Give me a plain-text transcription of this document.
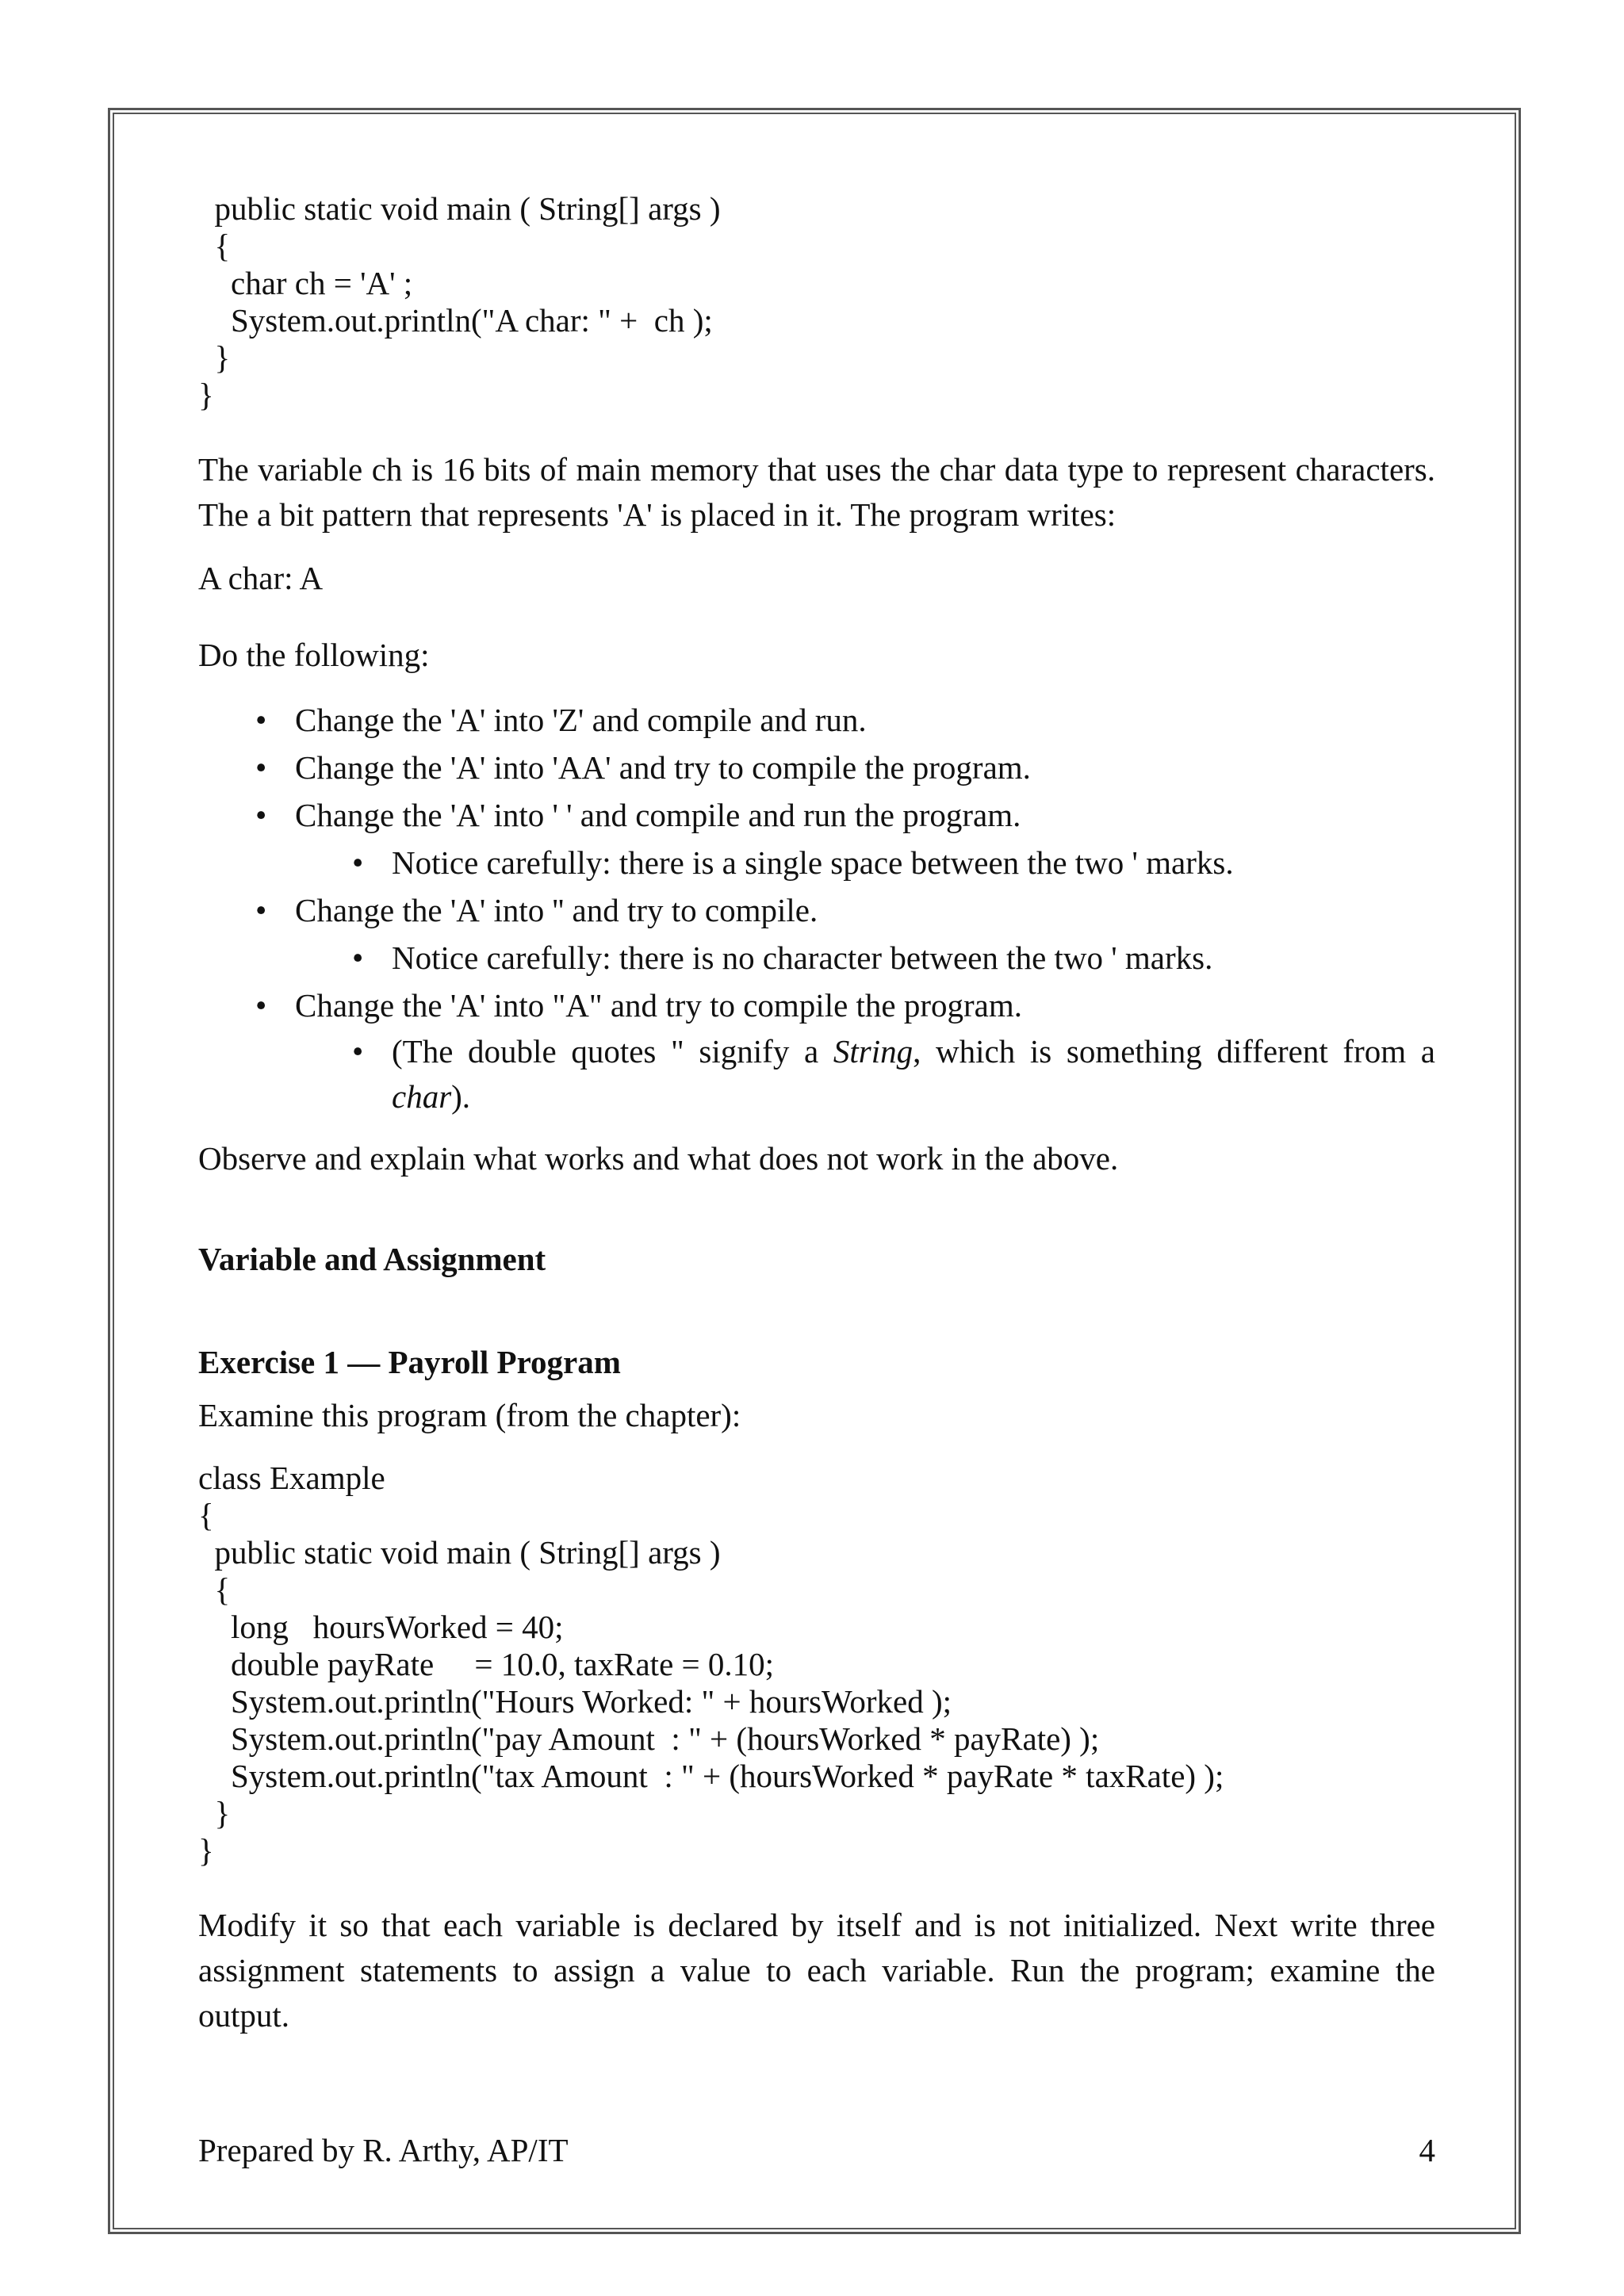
public static void main ( String[] args )
{
char ch = 'A' ;
System.out.println("A char: " +  ch );
}
}

The variable ch is 16 bits of main memory that uses the char data type to represent characters. The a bit pattern that represents 'A' is placed in it. The program writes:

A char: A

Do the following:

• Change the 'A' into 'Z' and compile and run.
• Change the 'A' into 'AA' and try to compile the program.
• Change the 'A' into ' ' and compile and run the program.
• Notice carefully: there is a single space between the two ' marks.
• Change the 'A' into '' and try to compile.
• Notice carefully: there is no character between the two ' marks.
• Change the 'A' into "A" and try to compile the program.
• (The double quotes " signify a String, which is something different from a char).

Observe and explain what works and what does not work in the above.

Variable and Assignment

Exercise 1 — Payroll Program

Examine this program (from the chapter):

class Example
{
public static void main ( String[] args )
{
long   hoursWorked = 40;
double payRate     = 10.0, taxRate = 0.10;
System.out.println("Hours Worked: " + hoursWorked );
System.out.println("pay Amount  : " + (hoursWorked * payRate) );
System.out.println("tax Amount  : " + (hoursWorked * payRate * taxRate) );
}
}

Modify it so that each variable is declared by itself and is not initialized. Next write three assignment statements to assign a value to each variable. Run the program; examine the output.

Prepared by R. Arthy, AP/IT	4
